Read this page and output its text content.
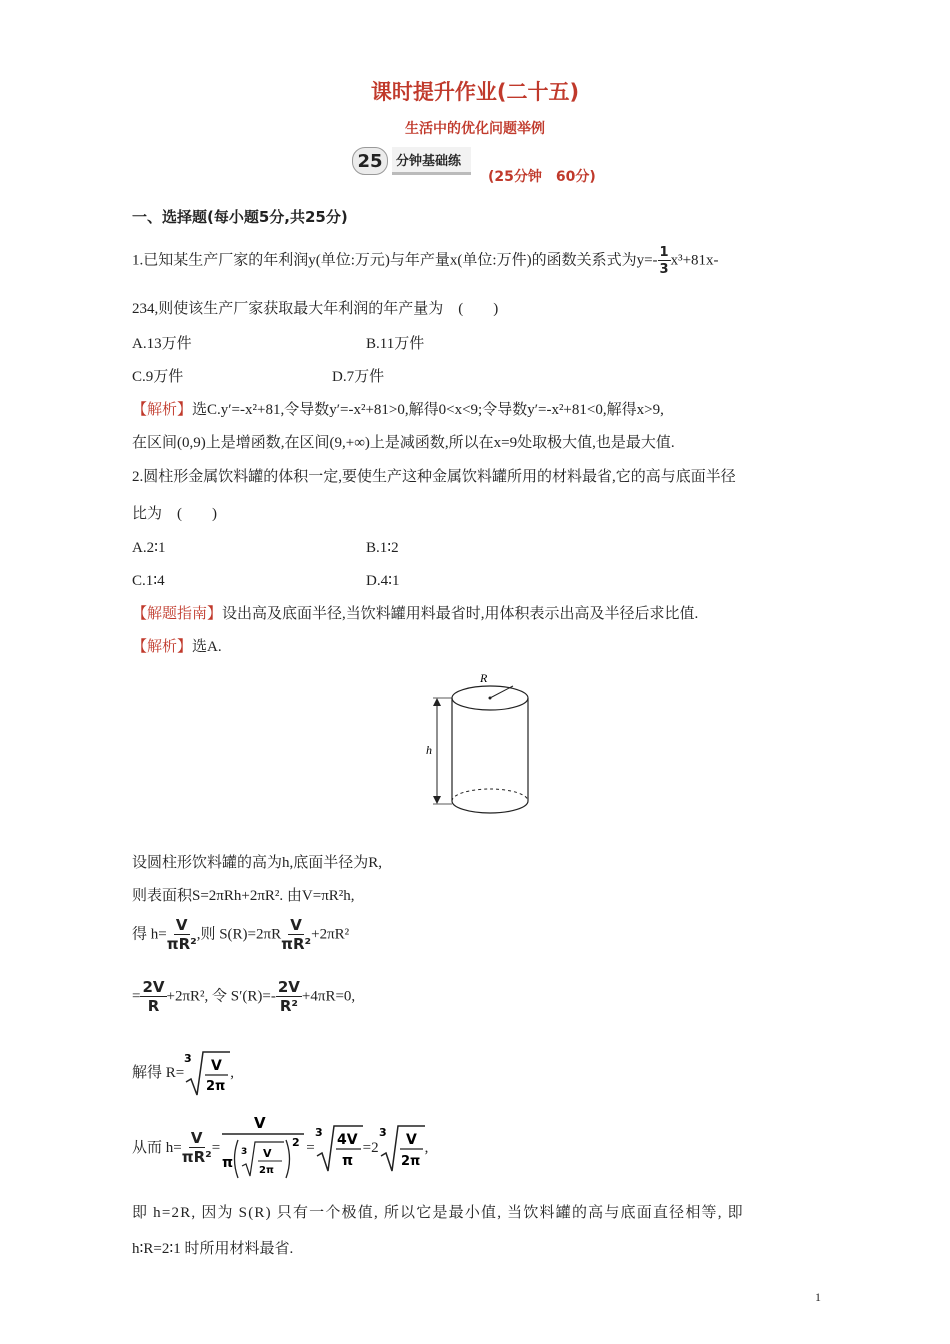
课时提升作业(二十五)
生活中的优化问题举例
25	分钟基础练
(25分钟　60分)
一、选择题(每小题5分,共25分)
1.已知某生产厂家的年利润y(单位:万元)与年产量x(单位:万件)的函数关系式为$y=- \frac{1}{3} x^3+81x-$
234,则使该生产厂家获取最大年利润的年产量为　(　　)
A.13万件	B.11万件
C.9万件	D.7万件
【解析】选C.y′=-x²+81,令导数y′=-x²+81>0,解得0<x<9;令导数y′=-x²+81<0,解得x>9,
在区间(0,9)上是增函数,在区间(9,+∞)上是减函数,所以在x=9处取极大值,也是最大值.
2.圆柱形金属饮料罐的体积一定,要使生产这种金属饮料罐所用的材料最省,它的高与底面半径
比为　(　　)
A.2∶1	B.1∶2
C.1∶4	D.4∶1
【解题指南】设出高及底面半径,当饮料罐用料最省时,用体积表示出高及半径后求比值.
【解析】选A.
R
h
设圆柱形饮料罐的高为h,底面半径为R,
则表面积S=2πRh+2πR². 由V=πR²h,
得 $h= \frac{V}{\text{πR²}}$ ,则 $S(R)=2\pi R \frac{V}{\text{πR²}} +2\pi R^2$
= $\frac{2V}{R} +2\pi R^2$, 令 $S'(R)=- \frac{2V}{\text{R²}} +4\pi R=0$,
解得 R=
3 V
2π
,
从而 $h= \frac{V}{\text{πR²}}$ =
V
π
3 V
2π
2 =
3 4V
π
=2
3 V
2π
,
即 h=2R, 因为 S(R) 只有一个极值, 所以它是最小值, 当饮料罐的高与底面直径相等, 即
h∶R=2∶1 时所用材料最省.
1
